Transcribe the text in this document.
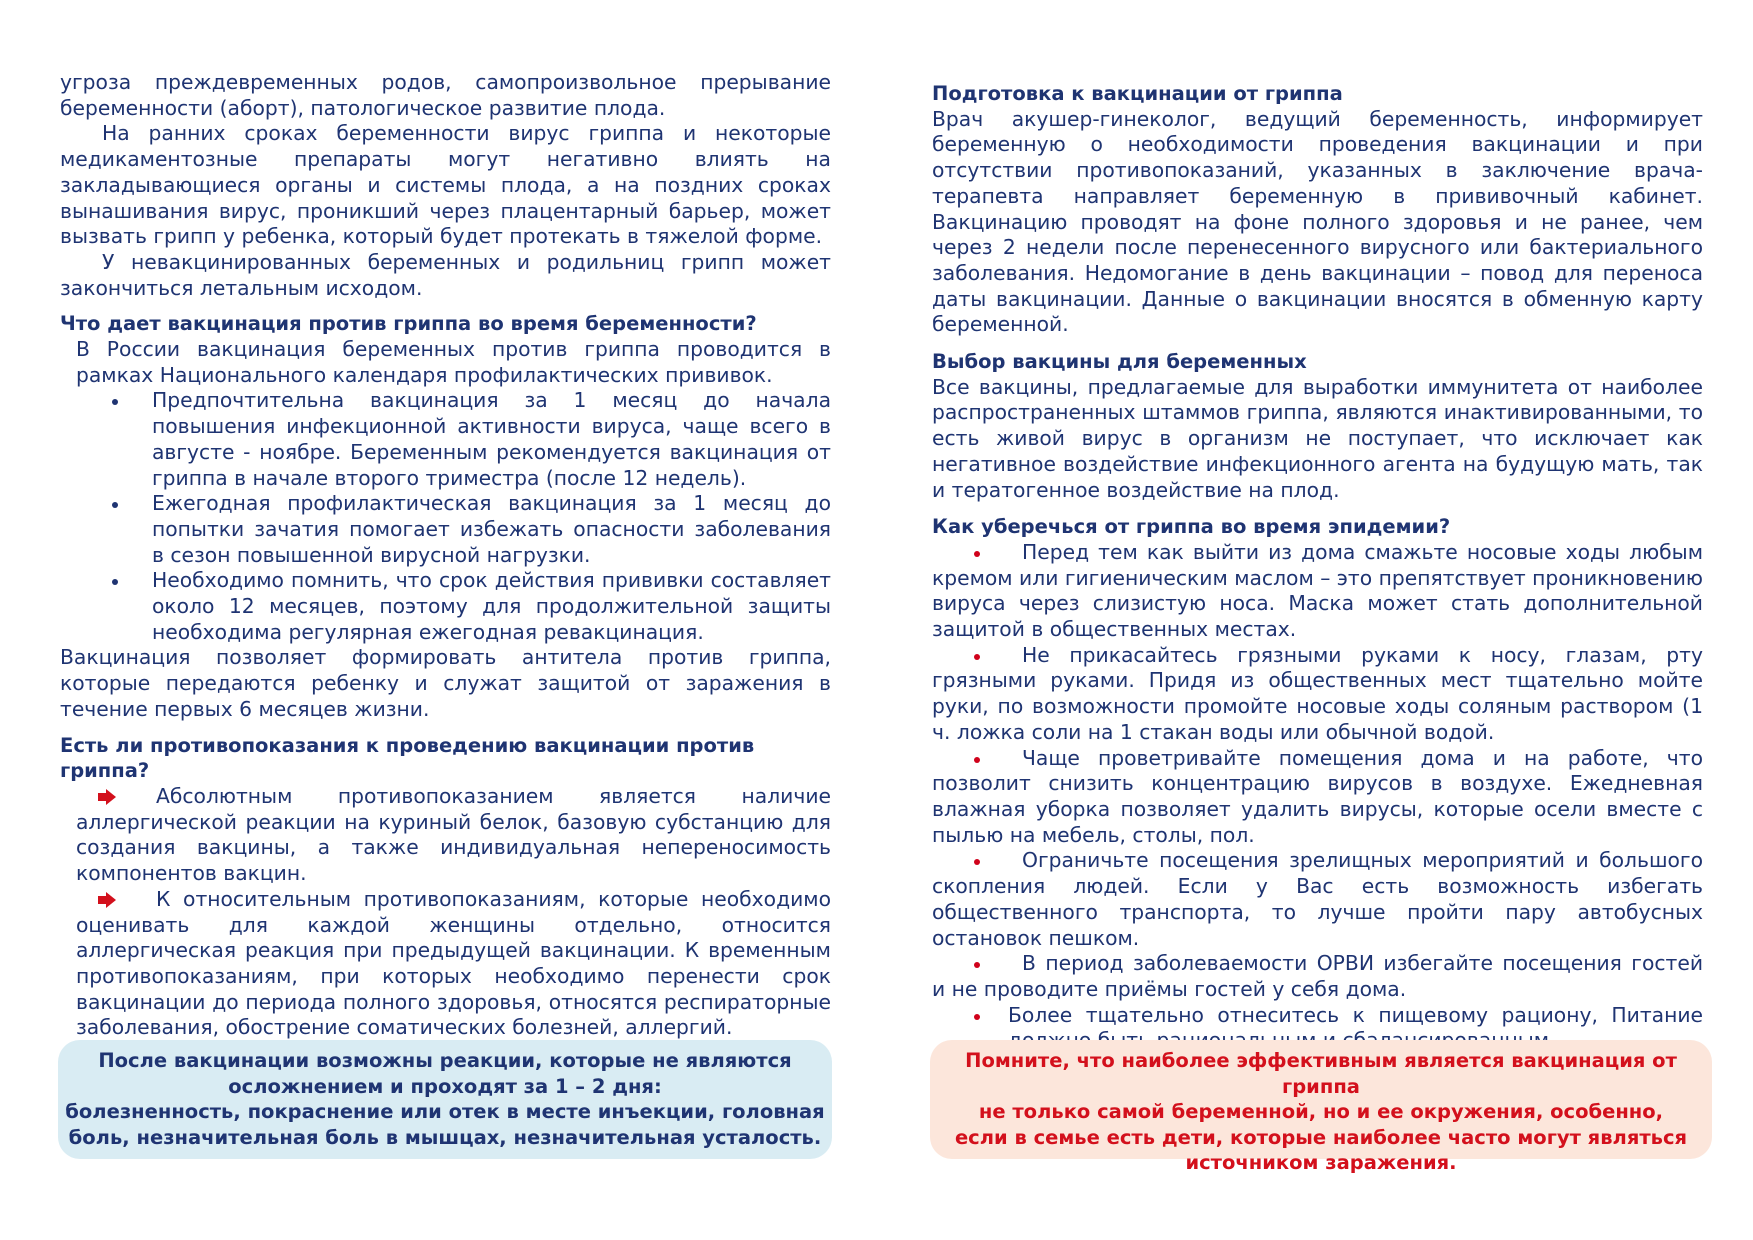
угроза преждевременных родов, самопроизвольное прерывание беременности (аборт), патологическое развитие плода.

На ранних сроках беременности вирус гриппа и некоторые медикаментозные препараты могут негативно влиять на закладывающиеся органы и системы плода, а на поздних сроках вынашивания вирус, проникший через плацентарный барьер, может вызвать грипп у ребенка, который будет протекать в тяжелой форме.

У невакцинированных беременных и родильниц грипп может закончиться летальным исходом.

Что дает вакцинация против гриппа во время беременности?

В России вакцинация беременных против гриппа проводится в рамках Национального календаря профилактических прививок.

Предпочтительна вакцинация за 1 месяц до начала повышения инфекционной активности вируса, чаще всего в августе - ноябре. Беременным рекомендуется вакцинация от гриппа в начале второго триместра (после 12 недель).
Ежегодная профилактическая вакцинация за 1 месяц до попытки зачатия помогает избежать опасности заболевания в сезон повышенной вирусной нагрузки.
Необходимо помнить, что срок действия прививки составляет около 12 месяцев, поэтому для продолжительной защиты необходима регулярная ежегодная ревакцинация.

Вакцинация позволяет формировать антитела против гриппа, которые передаются ребенку и служат защитой от заражения в течение первых 6 месяцев жизни.

Есть ли противопоказания к проведению вакцинации против гриппа?

Абсолютным противопоказанием является наличие аллергической реакции на куриный белок, базовую субстанцию для создания вакцины, а также индивидуальная непереносимость компонентов вакцин.
К относительным противопоказаниям, которые необходимо оценивать для каждой женщины отдельно, относится аллергическая реакция при предыдущей вакцинации. К временным противопоказаниям, при которых необходимо перенести срок вакцинации до периода полного здоровья, относятся респираторные заболевания, обострение соматических болезней, аллергий.

Подготовка к вакцинации от гриппа

Врач акушер-гинеколог, ведущий беременность, информирует беременную о необходимости проведения вакцинации и при отсутствии противопоказаний, указанных в заключение врача-терапевта направляет беременную в прививочный кабинет. Вакцинацию проводят на фоне полного здоровья и не ранее, чем через 2 недели после перенесенного вирусного или бактериального заболевания. Недомогание в день вакцинации – повод для переноса даты вакцинации. Данные о вакцинации вносятся в обменную карту беременной.

Выбор вакцины для беременных

Все вакцины, предлагаемые для выработки иммунитета от наиболее распространенных штаммов гриппа, являются инактивированными, то есть живой вирус в организм не поступает, что исключает как негативное воздействие инфекционного агента на будущую мать, так и тератогенное воздействие на плод.

Как уберечься от гриппа во время эпидемии?

Перед тем как выйти из дома смажьте носовые ходы любым кремом или гигиеническим маслом – это препятствует проникновению вируса через слизистую носа. Маска может стать дополнительной защитой в общественных местах.
Не прикасайтесь грязными руками к носу, глазам, рту грязными руками. Придя из общественных мест тщательно мойте руки, по возможности промойте носовые ходы соляным раствором (1 ч. ложка соли на 1 стакан воды или обычной водой.
Чаще проветривайте помещения дома и на работе, что позволит снизить концентрацию вирусов в воздухе. Ежедневная влажная уборка позволяет удалить вирусы, которые осели вместе с пылью на мебель, столы, пол.
Ограничьте посещения зрелищных мероприятий и большого скопления людей. Если у Вас есть возможность избегать общественного транспорта, то лучше пройти пару автобусных остановок пешком.
В период заболеваемости ОРВИ избегайте посещения гостей и не проводите приёмы гостей у себя дома.
Более тщательно отнеситесь к пищевому рациону, Питание

После вакцинации возможны реакции, которые не являются

осложнением и проходят за 1 – 2 дня:

болезненность, покраснение или отек в месте инъекции, головная

боль, незначительная боль в мышцах, незначительная усталость.

Помните, что наиболее эффективным является вакцинация от гриппа

не только самой беременной, но и ее окружения, особенно,

если в семье есть дети, которые наиболее часто могут являться

источником заражения.
